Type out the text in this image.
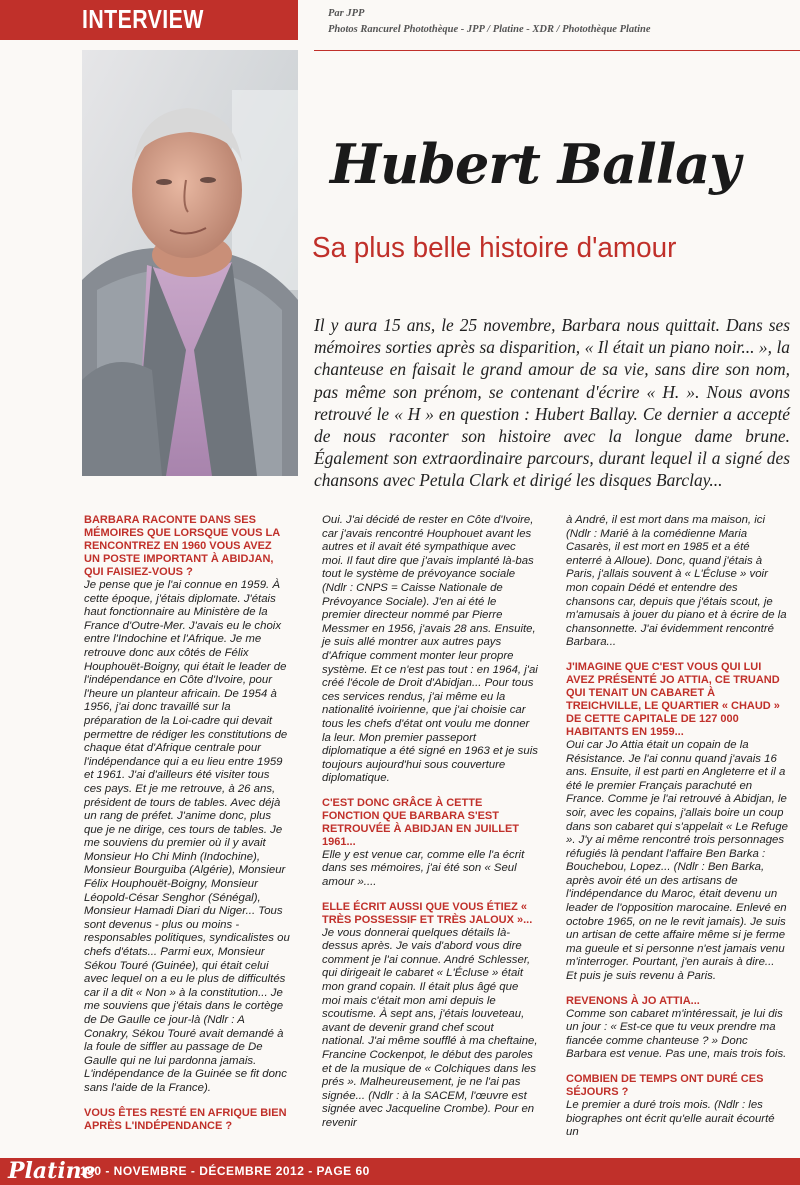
INTERVIEW	Par JPP
Photos Rancurel Photothèque - JPP / Platine - XDR / Photothèque Platine
Hubert Ballay
Sa plus belle histoire d'amour
Il y aura 15 ans, le 25 novembre, Barbara nous quittait. Dans ses mémoires sorties après sa disparition, « Il était un piano noir... », la chanteuse en faisait le grand amour de sa vie, sans dire son nom, pas même son prénom, se contenant d'écrire « H. ». Nous avons retrouvé le « H » en question : Hubert Ballay. Ce dernier a accepté de nous raconter son histoire avec la longue dame brune. Également son extraordinaire parcours, durant lequel il a signé des chansons avec Petula Clark et dirigé les disques Barclay...

BARBARA RACONTE DANS SES MÉMOIRES QUE LORSQUE VOUS LA RENCONTREZ EN 1960 VOUS AVEZ UN POSTE IMPORTANT À ABIDJAN, QUI FAISIEZ-VOUS ?

Je pense que je l'ai connue en 1959. À cette époque, j'étais diplomate. J'étais haut fonctionnaire au Ministère de la France d'Outre-Mer. J'avais eu le choix entre l'Indochine et l'Afrique. Je me retrouve donc aux côtés de Félix Houphouët-Boigny, qui était le leader de l'indépendance en Côte d'Ivoire, pour l'heure un planteur africain. De 1954 à 1956, j'ai donc travaillé sur la préparation de la Loi-cadre qui devait permettre de rédiger les constitutions de chaque état d'Afrique centrale pour l'indépendance qui a eu lieu entre 1959 et 1961. J'ai d'ailleurs été visiter tous ces pays. Et je me retrouve, à 26 ans, président de tours de tables. Avec déjà un rang de préfet. J'anime donc, plus que je ne dirige, ces tours de tables. Je me souviens du premier où il y avait Monsieur Ho Chi Minh (Indochine), Monsieur Bourguiba (Algérie), Monsieur Félix Houphouët-Boigny, Monsieur Léopold-César Senghor (Sénégal), Monsieur Hamadi Diari du Niger... Tous sont devenus - plus ou moins - responsables politiques, syndicalistes ou chefs d'états... Parmi eux, Monsieur Sékou Touré (Guinée), qui était celui avec lequel on a eu le plus de difficultés car il a dit « Non » à la constitution... Je me souviens que j'étais dans le cortège de De Gaulle ce jour-là (Ndlr : A Conakry, Sékou Touré avait demandé à la foule de siffler au passage de De Gaulle qui ne lui pardonna jamais. L'indépendance de la Guinée se fit donc sans l'aide de la France).

VOUS ÊTES RESTÉ EN AFRIQUE BIEN APRÈS L'INDÉPENDANCE ?

Oui. J'ai décidé de rester en Côte d'Ivoire, car j'avais rencontré Houphouet avant les autres et il avait été sympathique avec moi. Il faut dire que j'avais implanté là-bas tout le système de prévoyance sociale (Ndlr : CNPS = Caisse Nationale de Prévoyance Sociale). J'en ai été le premier directeur nommé par Pierre Messmer en 1956, j'avais 28 ans. Ensuite, je suis allé montrer aux autres pays d'Afrique comment monter leur propre système. Et ce n'est pas tout : en 1964, j'ai créé l'école de Droit d'Abidjan... Pour tous ces services rendus, j'ai même eu la nationalité ivoirienne, que j'ai choisie car tous les chefs d'état ont voulu me donner la leur. Mon premier passeport diplomatique a été signé en 1963 et je suis toujours aujourd'hui sous couverture diplomatique.

C'EST DONC GRÂCE À CETTE FONCTION QUE BARBARA S'EST RETROUVÉE À ABIDJAN EN JUILLET 1961...

Elle y est venue car, comme elle l'a écrit dans ses mémoires, j'ai été son « Seul amour »....

ELLE ÉCRIT AUSSI QUE VOUS ÉTIEZ « TRÈS POSSESSIF ET TRÈS JALOUX »...

Je vous donnerai quelques détails là-dessus après. Je vais d'abord vous dire comment je l'ai connue. André Schlesser, qui dirigeait le cabaret « L'Écluse » était mon grand copain. Il était plus âgé que moi mais c'était mon ami depuis le scoutisme. À sept ans, j'étais louveteau, avant de devenir grand chef scout national. J'ai même soufflé à ma cheftaine, Francine Cockenpot, le début des paroles et de la musique de « Colchiques dans les prés ». Malheureusement, je ne l'ai pas signée... (Ndlr : à la SACEM, l'œuvre est signée avec Jacqueline Crombe). Pour en revenir

à André, il est mort dans ma maison, ici (Ndlr : Marié à la comédienne Maria Casarès, il est mort en 1985 et a été enterré à Alloue). Donc, quand j'étais à Paris, j'allais souvent à « L'Écluse » voir mon copain Dédé et entendre des chansons car, depuis que j'étais scout, je m'amusais à jouer du piano et à écrire de la chansonnette. J'ai évidemment rencontré Barbara...

J'IMAGINE QUE C'EST VOUS QUI LUI AVEZ PRÉSENTÉ JO ATTIA, CE TRUAND QUI TENAIT UN CABARET À TREICHVILLE, LE QUARTIER « CHAUD » DE CETTE CAPITALE DE 127 000 HABITANTS EN 1959...

Oui car Jo Attia était un copain de la Résistance. Je l'ai connu quand j'avais 16 ans. Ensuite, il est parti en Angleterre et il a été le premier Français parachuté en France. Comme je l'ai retrouvé à Abidjan, le soir, avec les copains, j'allais boire un coup dans son cabaret qui s'appelait « Le Refuge ». J'y ai même rencontré trois personnages réfugiés là pendant l'affaire Ben Barka : Bouchebou, Lopez... (Ndlr : Ben Barka, après avoir été un des artisans de l'indépendance du Maroc, était devenu un leader de l'opposition marocaine. Enlevé en octobre 1965, on ne le revit jamais). Je suis un artisan de cette affaire même si je ferme ma gueule et si personne n'est jamais venu m'interroger. Pourtant, j'en aurais à dire... Et puis je suis revenu à Paris.

REVENONS À JO ATTIA...

Comme son cabaret m'intéressait, je lui dis un jour : « Est-ce que tu veux prendre ma fiancée comme chanteuse ? » Donc Barbara est venue. Pas une, mais trois fois.

COMBIEN DE TEMPS ONT DURÉ CES SÉJOURS ?

Le premier a duré trois mois. (Ndlr : les biographes ont écrit qu'elle aurait écourté un

Platine
190 - NOVEMBRE - DÉCEMBRE 2012 - PAGE 60
